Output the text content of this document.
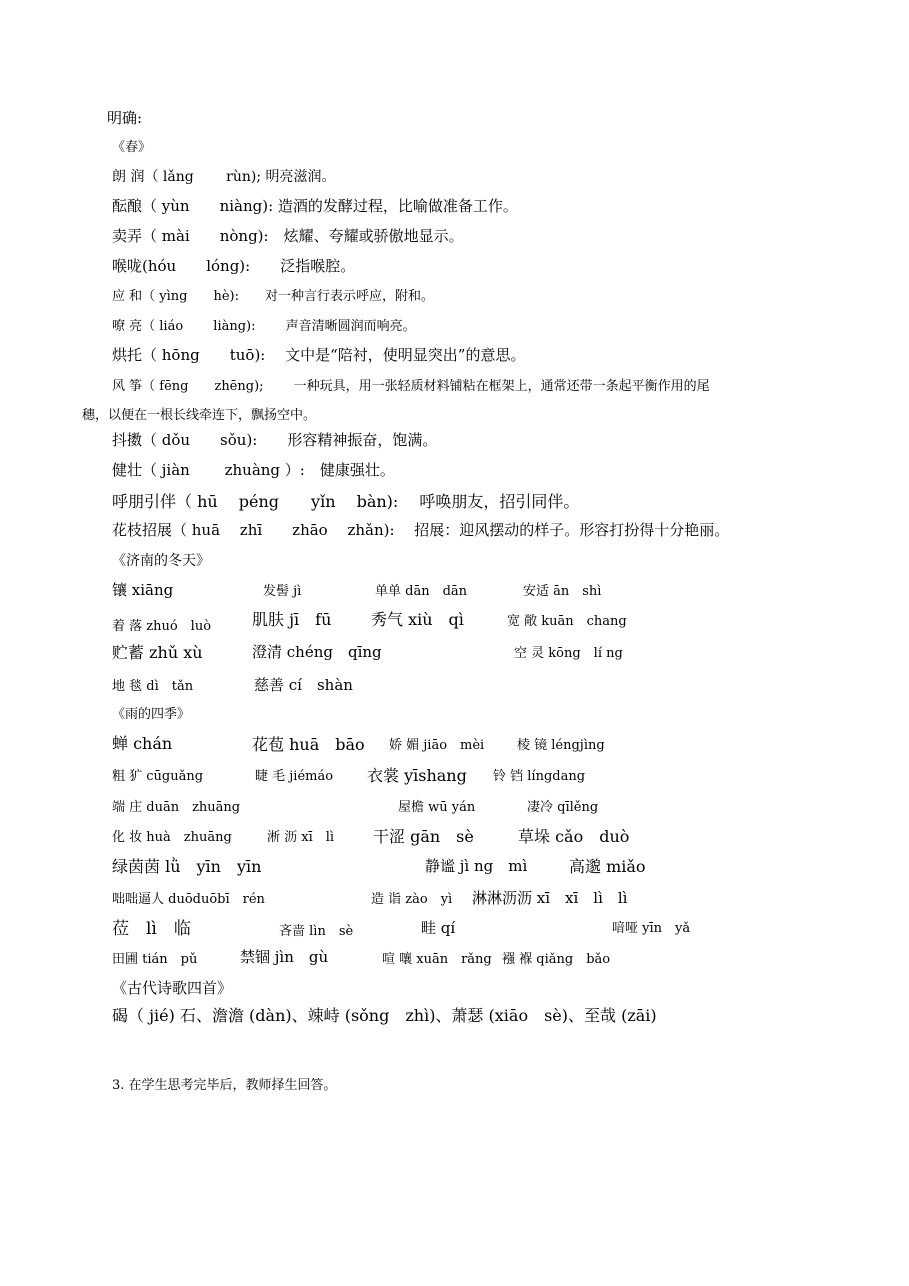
明确:
《春》
朗 润（ lǎng　　 rùn); 明亮滋润。
酝酿（ yùn　　niàng): 造酒的发酵过程，比喻做准备工作。
卖弄（ mài　　nòng):　炫耀、夸耀或骄傲地显示。
喉咙(hóu　　lóng):　　泛指喉腔。
应 和（ yìng　　hè):　　对一种言行表示呼应，附和。
嘹 亮（ liáo　　 liàng):　　 声音清晰圆润而响亮。
烘托（ hōng　　tuō):　 文中是“陪衬，使明显突出”的意思。
风 筝（ fēng　　zhēng);　　 一种玩具，用一张轻质材料铺粘在框架上，通常还带一条起平衡作用的尾
穗，以便在一根长线牵连下，飘扬空中。
抖擞（ dǒu　　sǒu):　　形容精神振奋，饱满。
健壮（ jiàn　　 zhuàng ）:　健康强壮。
呼朋引伴（ hū　 péng　　yǐn　 bàn):　 呼唤朋友，招引同伴。
花枝招展（ huā　 zhī　　zhāo　 zhǎn):　 招展：迎风摆动的样子。形容打扮得十分艳丽。
《济南的冬天》
镶 xiāng	发髻 jì	单单 dān　dān	安适 ān　shì
着 落 zhuó　luò	肌肤 jī　fū 秀气 xiù　qì	宽 敞 kuān　chang
贮蓄 zhǔ xù	澄清 chéng　qīng	空 灵 kōng　lí ng
地 毯 dì　tǎn	慈善 cí　shàn
《雨的四季》
蝉 chán	花苞 huā　bāo 娇 媚 jiāo　mèi	棱 镜 léngjìng
粗 犷 cūguǎng	睫 毛 jiémáo 衣裳 yīshang 铃 铛 língdang
端 庄 duān　zhuāng	屋檐 wū yán	凄冷 qīlěng
化 妆 huà　zhuāng	淅 沥 xī　lì 干涩 gān　sè	草垛 cǎo　duò
绿茵茵 lǜ　yīn　yīn	静谧 jì ng　mì	高邈 miǎo
咄咄逼人 duōduōbī　rén	造 诣 zào　yì 淋淋沥沥 xī　xī　lì　lì
莅　lì　临	吝啬 lìn　sè	畦 qí	喑哑 yīn　yǎ
田圃 tián　pǔ	禁锢 jìn　gù	喧 嚷 xuān　rǎng 襁 褓 qiǎng　bǎo
《古代诗歌四首》
碣（ jié) 石、澹澹 (dàn)、竦峙 (sǒng　zhì)、萧瑟 (xiāo　sè)、至哉 (zāi)
3. 在学生思考完毕后，教师择生回答。
